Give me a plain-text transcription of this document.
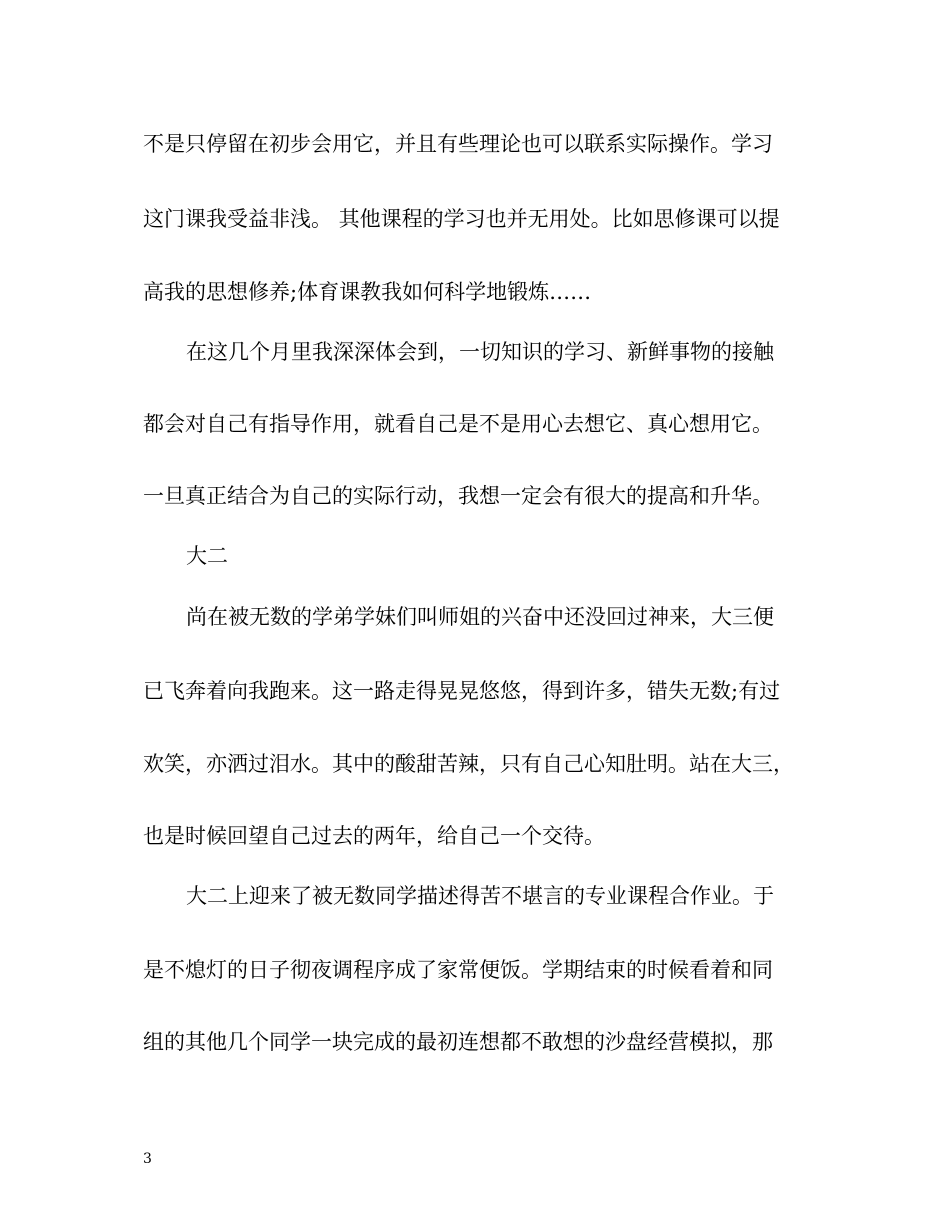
不是只停留在初步会用它，并且有些理论也可以联系实际操作。学习
这门课我受益非浅。 其他课程的学习也并无用处。比如思修课可以提
高我的思想修养;体育课教我如何科学地锻炼……
在这几个月里我深深体会到，一切知识的学习、新鲜事物的接触
都会对自己有指导作用，就看自己是不是用心去想它、真心想用它。
一旦真正结合为自己的实际行动，我想一定会有很大的提高和升华。
大二
尚在被无数的学弟学妹们叫师姐的兴奋中还没回过神来，大三便
已飞奔着向我跑来。这一路走得晃晃悠悠，得到许多，错失无数;有过
欢笑，亦洒过泪水。其中的酸甜苦辣，只有自己心知肚明。站在大三，
也是时候回望自己过去的两年，给自己一个交待。
大二上迎来了被无数同学描述得苦不堪言的专业课程合作业。于
是不熄灯的日子彻夜调程序成了家常便饭。学期结束的时候看着和同
组的其他几个同学一块完成的最初连想都不敢想的沙盘经营模拟，那
3
